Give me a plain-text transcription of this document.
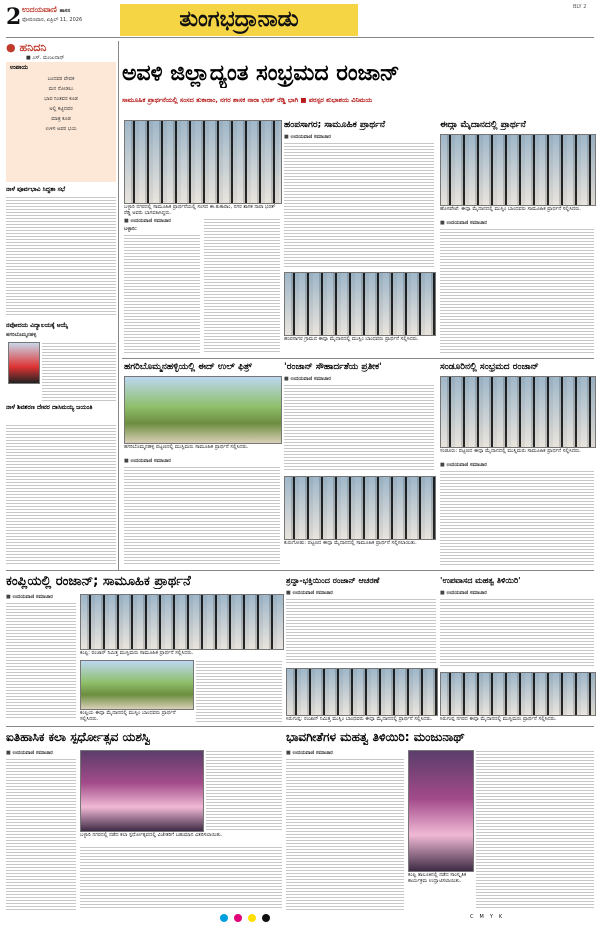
2 ಉದಯವಾಣಿ ಹಾಸನ
ಫೋಷಣವಾರ, ಏಪ್ರಿಲ್ 11, 2026	ತುಂಗಭದ್ರಾನಾಡು	BLY 2
● ಹನಿದನಿ
■ ಎಸ್. ಮಂಜುನಾಥ್
ಉಪಾಯ
ಬಂದವರ ವೇಷಕ
ಮನ ನೋಡಲು
ಭಾವ ನಿಂತವರ ಕೂಡ
ಅಲ್ಲಿ ಕಟ್ಟಿದವರ
ಮಾತ್ರ ಕೂಡ
ಉಳಿಸ ಅವರ ಭಯ
ನಾಳೆ ಪೂರ್ವಭಾವಿ ಸಿದ್ಧತಾ ಸಭೆ
ನವೋದಯ ವಿದ್ಯಾಲಯಕ್ಕೆ ಆಯ್ಕೆ
ಹಗರಿಬೊಮ್ಮನಹಳ್ಳಿ
ನಾಳೆ ಶಿವಶರಣ ದೇವರ ದಾಸಿಮಯ್ಯ ಜಯಂತಿ
ಅವಳಿ ಜಿಲ್ಲಾದ್ಯಂತ ಸಂಭ್ರಮದ ರಂಜಾನ್
ಸಾಮೂಹಿಕ ಪ್ರಾರ್ಥನೆಯಲ್ಲಿ ಸಂಸದ ತುಕಾರಾಂ, ನಗರ ಶಾಸಕ ನಾರಾ ಭರತ್ ರೆಡ್ಡಿ ಭಾಗಿ ■ ಪರಸ್ಪರ ಶುಭಾಶಯ ವಿನಿಮಯ
ಬಳ್ಳಾರಿ ನಗರದಲ್ಲಿ ಸಾಮೂಹಿಕ ಪ್ರಾರ್ಥನೆಯಲ್ಲಿ ಸಂಸದ ಈ.ತುಕಾರಾಂ, ನಗರ ಶಾಸಕ ನಾರಾ ಭರತ್ ರೆಡ್ಡಿ ಅವರು ಭಾಗವಹಿಸಿದ್ದರು.
■ ಉದಯವಾಣಿ ಸಮಾಚಾರ
ಬಳ್ಳಾರಿ:
ಹಂಪಸಾಗರ; ಸಾಮೂಹಿಕ ಪ್ರಾರ್ಥನೆ
■ ಉದಯವಾಣಿ ಸಮಾಚಾರ
ಹಂಪಸಾಗರ ಗ್ರಾಮದ ಈದ್ಗಾ ಮೈದಾನದಲ್ಲಿ ಮುಸ್ಲಿಂ ಬಾಂಧವರು ಪ್ರಾರ್ಥನೆ ಸಲ್ಲಿಸಿದರು.
ಈದ್ಗಾ ಮೈದಾನದಲ್ಲಿ ಪ್ರಾರ್ಥನೆ
ಹೊಸಪೇಟೆ: ಈದ್ಗಾ ಮೈದಾನದಲ್ಲಿ ಮುಸ್ಲಿಂ ಬಾಂಧವರು ಸಾಮೂಹಿಕ ಪ್ರಾರ್ಥನೆ ಸಲ್ಲಿಸಿದರು.
■ ಉದಯವಾಣಿ ಸಮಾಚಾರ
ಹಗರಿಬೊಮ್ಮನಹಳ್ಳಿಯಲ್ಲಿ ಈದ್ ಉಲ್ ಫಿತ್ರ್
ಹಗರಿಬೊಮ್ಮನಹಳ್ಳಿ ಪಟ್ಟಣದಲ್ಲಿ ಮುಸ್ಲಿಮರು ಸಾಮೂಹಿಕ ಪ್ರಾರ್ಥನೆ ಸಲ್ಲಿಸಿದರು.
■ ಉದಯವಾಣಿ ಸಮಾಚಾರ
'ರಂಜಾನ್ ಸೌಹಾರ್ದತೆಯ ಪ್ರತೀಕ'
■ ಉದಯವಾಣಿ ಸಮಾಚಾರ
ಕುರುಗೋಡು: ಪಟ್ಟಣದ ಈದ್ಗಾ ಮೈದಾನದಲ್ಲಿ ಸಾಮೂಹಿಕ ಪ್ರಾರ್ಥನೆ ಸಲ್ಲಿಸಲಾಯಿತು.
ಸಂಡೂರಿನಲ್ಲಿ ಸಂಭ್ರಮದ ರಂಜಾನ್
ಸಂಡೂರು: ಪಟ್ಟಣದ ಈದ್ಗಾ ಮೈದಾನದಲ್ಲಿ ಮುಸ್ಲಿಮರು ಸಾಮೂಹಿಕ ಪ್ರಾರ್ಥನೆ ಸಲ್ಲಿಸಿದರು.
■ ಉದಯವಾಣಿ ಸಮಾಚಾರ
ಕಂಪ್ಲಿಯಲ್ಲಿ ರಂಜಾನ್; ಸಾಮೂಹಿಕ ಪ್ರಾರ್ಥನೆ
■ ಉದಯವಾಣಿ ಸಮಾಚಾರ
ಕಂಪ್ಲಿ: ರಂಜಾನ್ ನಿಮಿತ್ತ ಮುಸ್ಲಿಮರು ಸಾಮೂಹಿಕ ಪ್ರಾರ್ಥನೆ ಸಲ್ಲಿಸಿದರು.
ಕಂಪ್ಲಿಯ ಈದ್ಗಾ ಮೈದಾನದಲ್ಲಿ ಮುಸ್ಲಿಂ ಬಾಂಧವರು ಪ್ರಾರ್ಥನೆ ಸಲ್ಲಿಸಿದರು.
ಶ್ರದ್ಧಾ-ಭಕ್ತಿಯಿಂದ ರಂಜಾನ್ ಆಚರಣೆ
■ ಉದಯವಾಣಿ ಸಮಾಚಾರ
ಸಿರುಗುಪ್ಪ: ರಂಜಾನ್ ನಿಮಿತ್ತ ಮುಸ್ಲಿಂ ಬಾಂಧವರು ಈದ್ಗಾ ಮೈದಾನದಲ್ಲಿ ಪ್ರಾರ್ಥನೆ ಸಲ್ಲಿಸಿದರು.
'ಉಪವಾಸದ ಮಹತ್ವ ತಿಳಿಯಿರಿ'
■ ಉದಯವಾಣಿ ಸಮಾಚಾರ
ಸಿರುಗುಪ್ಪ ನಗರದ ಈದ್ಗಾ ಮೈದಾನದಲ್ಲಿ ಮುಸ್ಲಿಮರು ಪ್ರಾರ್ಥನೆ ಸಲ್ಲಿಸಿದರು.
ಐತಿಹಾಸಿಕ ಕಲಾ ಸ್ಪರ್ಧೋತ್ಸವ ಯಶಸ್ವಿ
■ ಉದಯವಾಣಿ ಸಮಾಚಾರ
ಬಳ್ಳಾರಿ ನಗರದಲ್ಲಿ ನಡೆದ ಕಲಾ ಸ್ಪರ್ಧೋತ್ಸವದಲ್ಲಿ ವಿಜೇತರಿಗೆ ಬಹುಮಾನ ವಿತರಿಸಲಾಯಿತು.
ಭಾವಗೀತೆಗಳ ಮಹತ್ವ ತಿಳಿಯಿರಿ: ಮಂಜುನಾಥ್
■ ಉದಯವಾಣಿ ಸಮಾಚಾರ
ಕಂಪ್ಲಿ ತಾಲೂಕಿನಲ್ಲಿ ನಡೆದ ಸಾಂಸ್ಕೃತಿಕ ಕಾರ್ಯಕ್ರಮ ಉದ್ಘಾಟಿಸಲಾಯಿತು.
C M Y K
